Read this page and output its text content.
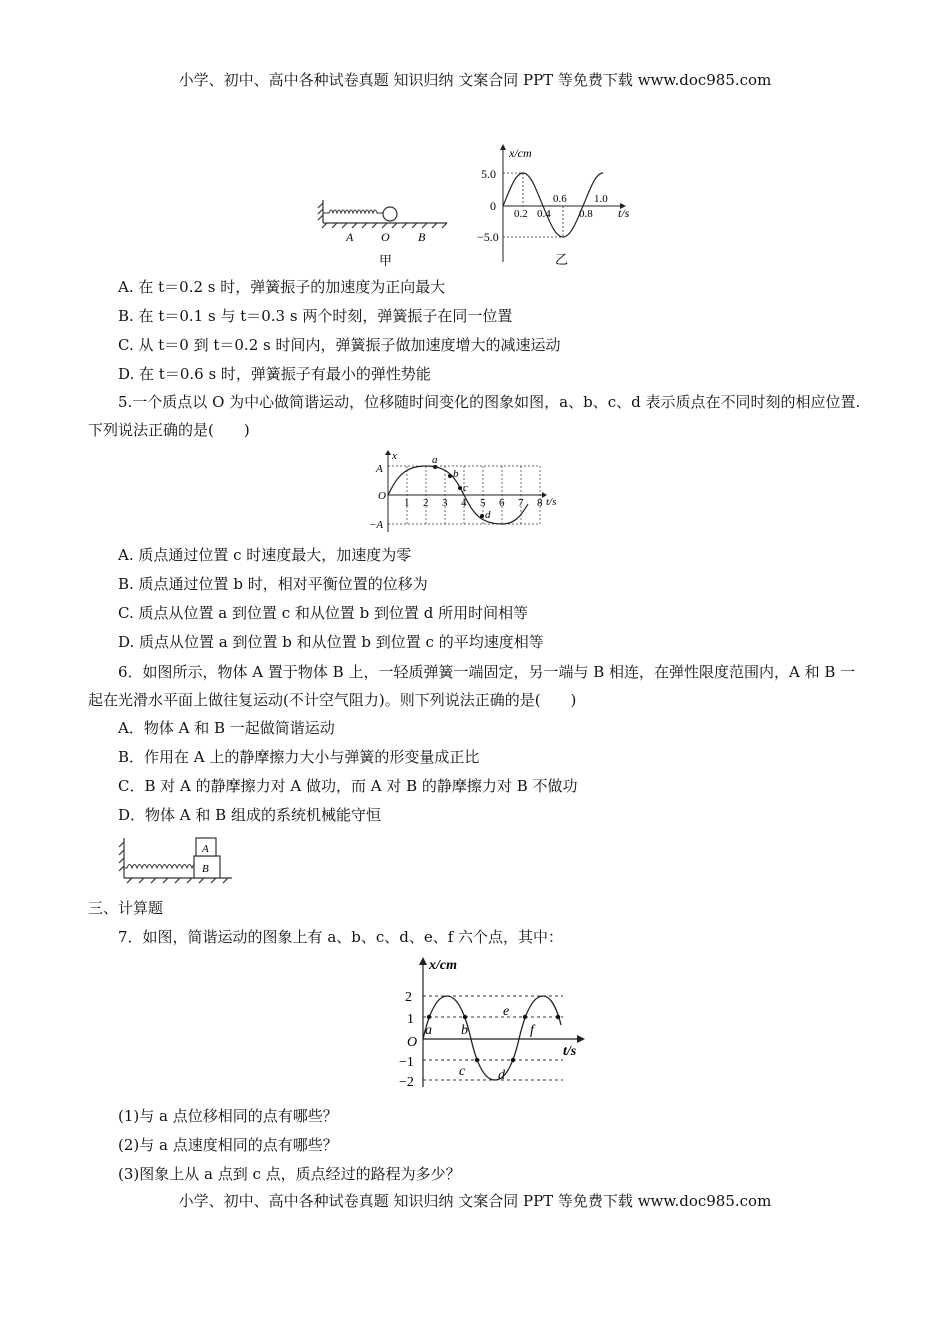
小学、初中、高中各种试卷真题 知识归纳 文案合同 PPT 等免费下载 www.doc985.com
A O B
甲
x/cm
t/s
5.0
0
−5.0
0.2 0.4
0.6
0.8
1.0
乙
A. 在 t＝0.2 s 时，弹簧振子的加速度为正向最大
B. 在 t＝0.1 s 与 t＝0.3 s 两个时刻，弹簧振子在同一位置
C. 从 t＝0 到 t＝0.2 s 时间内，弹簧振子做加速度增大的减速运动
D. 在 t＝0.6 s 时，弹簧振子有最小的弹性势能
5.一个质点以 O 为中心做简谐运动，位移随时间变化的图象如图，a、b、c、d 表示质点在不同时刻的相应位置. 下列说法正确的是(　　)
x
t/s
A
O
−A
1 2 3 4 5 6 7 8
a
b
c
d
A. 质点通过位置 c 时速度最大，加速度为零
B. 质点通过位置 b 时，相对平衡位置的位移为
C. 质点从位置 a 到位置 c 和从位置 b 到位置 d 所用时间相等
D. 质点从位置 a 到位置 b 和从位置 b 到位置 c 的平均速度相等
6．如图所示，物体 A 置于物体 B 上，一轻质弹簧一端固定，另一端与 B 相连，在弹性限度范围内，A 和 B 一起在光滑水平面上做往复运动(不计空气阻力)。则下列说法正确的是(　　)
A．物体 A 和 B 一起做简谐运动
B．作用在 A 上的静摩擦力大小与弹簧的形变量成正比
C．B 对 A 的静摩擦力对 A 做功，而 A 对 B 的静摩擦力对 B 不做功
D．物体 A 和 B 组成的系统机械能守恒
A
B
三、计算题
7．如图，简谐运动的图象上有 a、b、c、d、e、f 六个点，其中：
x/cm
t/s
2
1
O
−1
−2
a b
c d
e
f
(1)与 a 点位移相同的点有哪些？
(2)与 a 点速度相同的点有哪些？
(3)图象上从 a 点到 c 点，质点经过的路程为多少？
小学、初中、高中各种试卷真题 知识归纳 文案合同 PPT 等免费下载 www.doc985.com
